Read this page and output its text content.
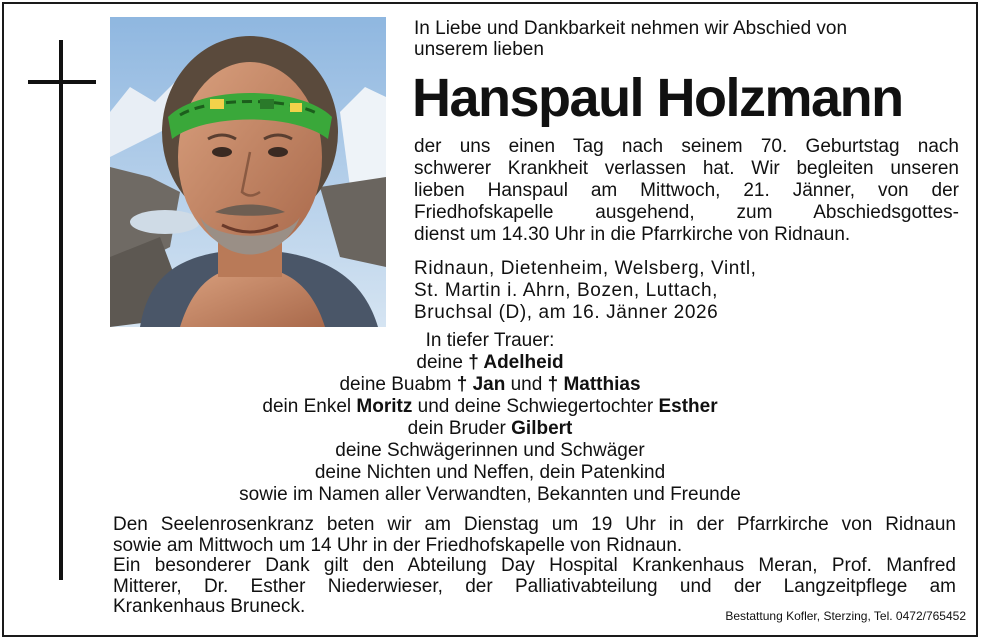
In Liebe und Dankbarkeit nehmen wir Abschied von
unserem lieben
Hanspaul Holzmann
der uns einen Tag nach seinem 70. Geburtstag nach
schwerer Krankheit verlassen hat. Wir begleiten unseren
lieben Hanspaul am Mittwoch, 21. Jänner, von der
Friedhofskapelle ausgehend, zum Abschiedsgottes-
dienst um 14.30 Uhr in die Pfarrkirche von Ridnaun.
Ridnaun, Dietenheim, Welsberg, Vintl,
St. Martin i. Ahrn, Bozen, Luttach,
Bruchsal (D), am 16. Jänner 2026
In tiefer Trauer:
deine † Adelheid
deine Buabm † Jan und † Matthias
dein Enkel Moritz und deine Schwiegertochter Esther
dein Bruder Gilbert
deine Schwägerinnen und Schwäger
deine Nichten und Neffen, dein Patenkind
sowie im Namen aller Verwandten, Bekannten und Freunde
Den Seelenrosenkranz beten wir am Dienstag um 19 Uhr in der Pfarrkirche von Ridnaun
sowie am Mittwoch um 14 Uhr in der Friedhofskapelle von Ridnaun.
Ein besonderer Dank gilt den Abteilung Day Hospital Krankenhaus Meran, Prof. Manfred
Mitterer, Dr. Esther Niederwieser, der Palliativabteilung und der Langzeitpflege am
Krankenhaus Bruneck.	Bestattung Kofler, Sterzing, Tel. 0472/765452
